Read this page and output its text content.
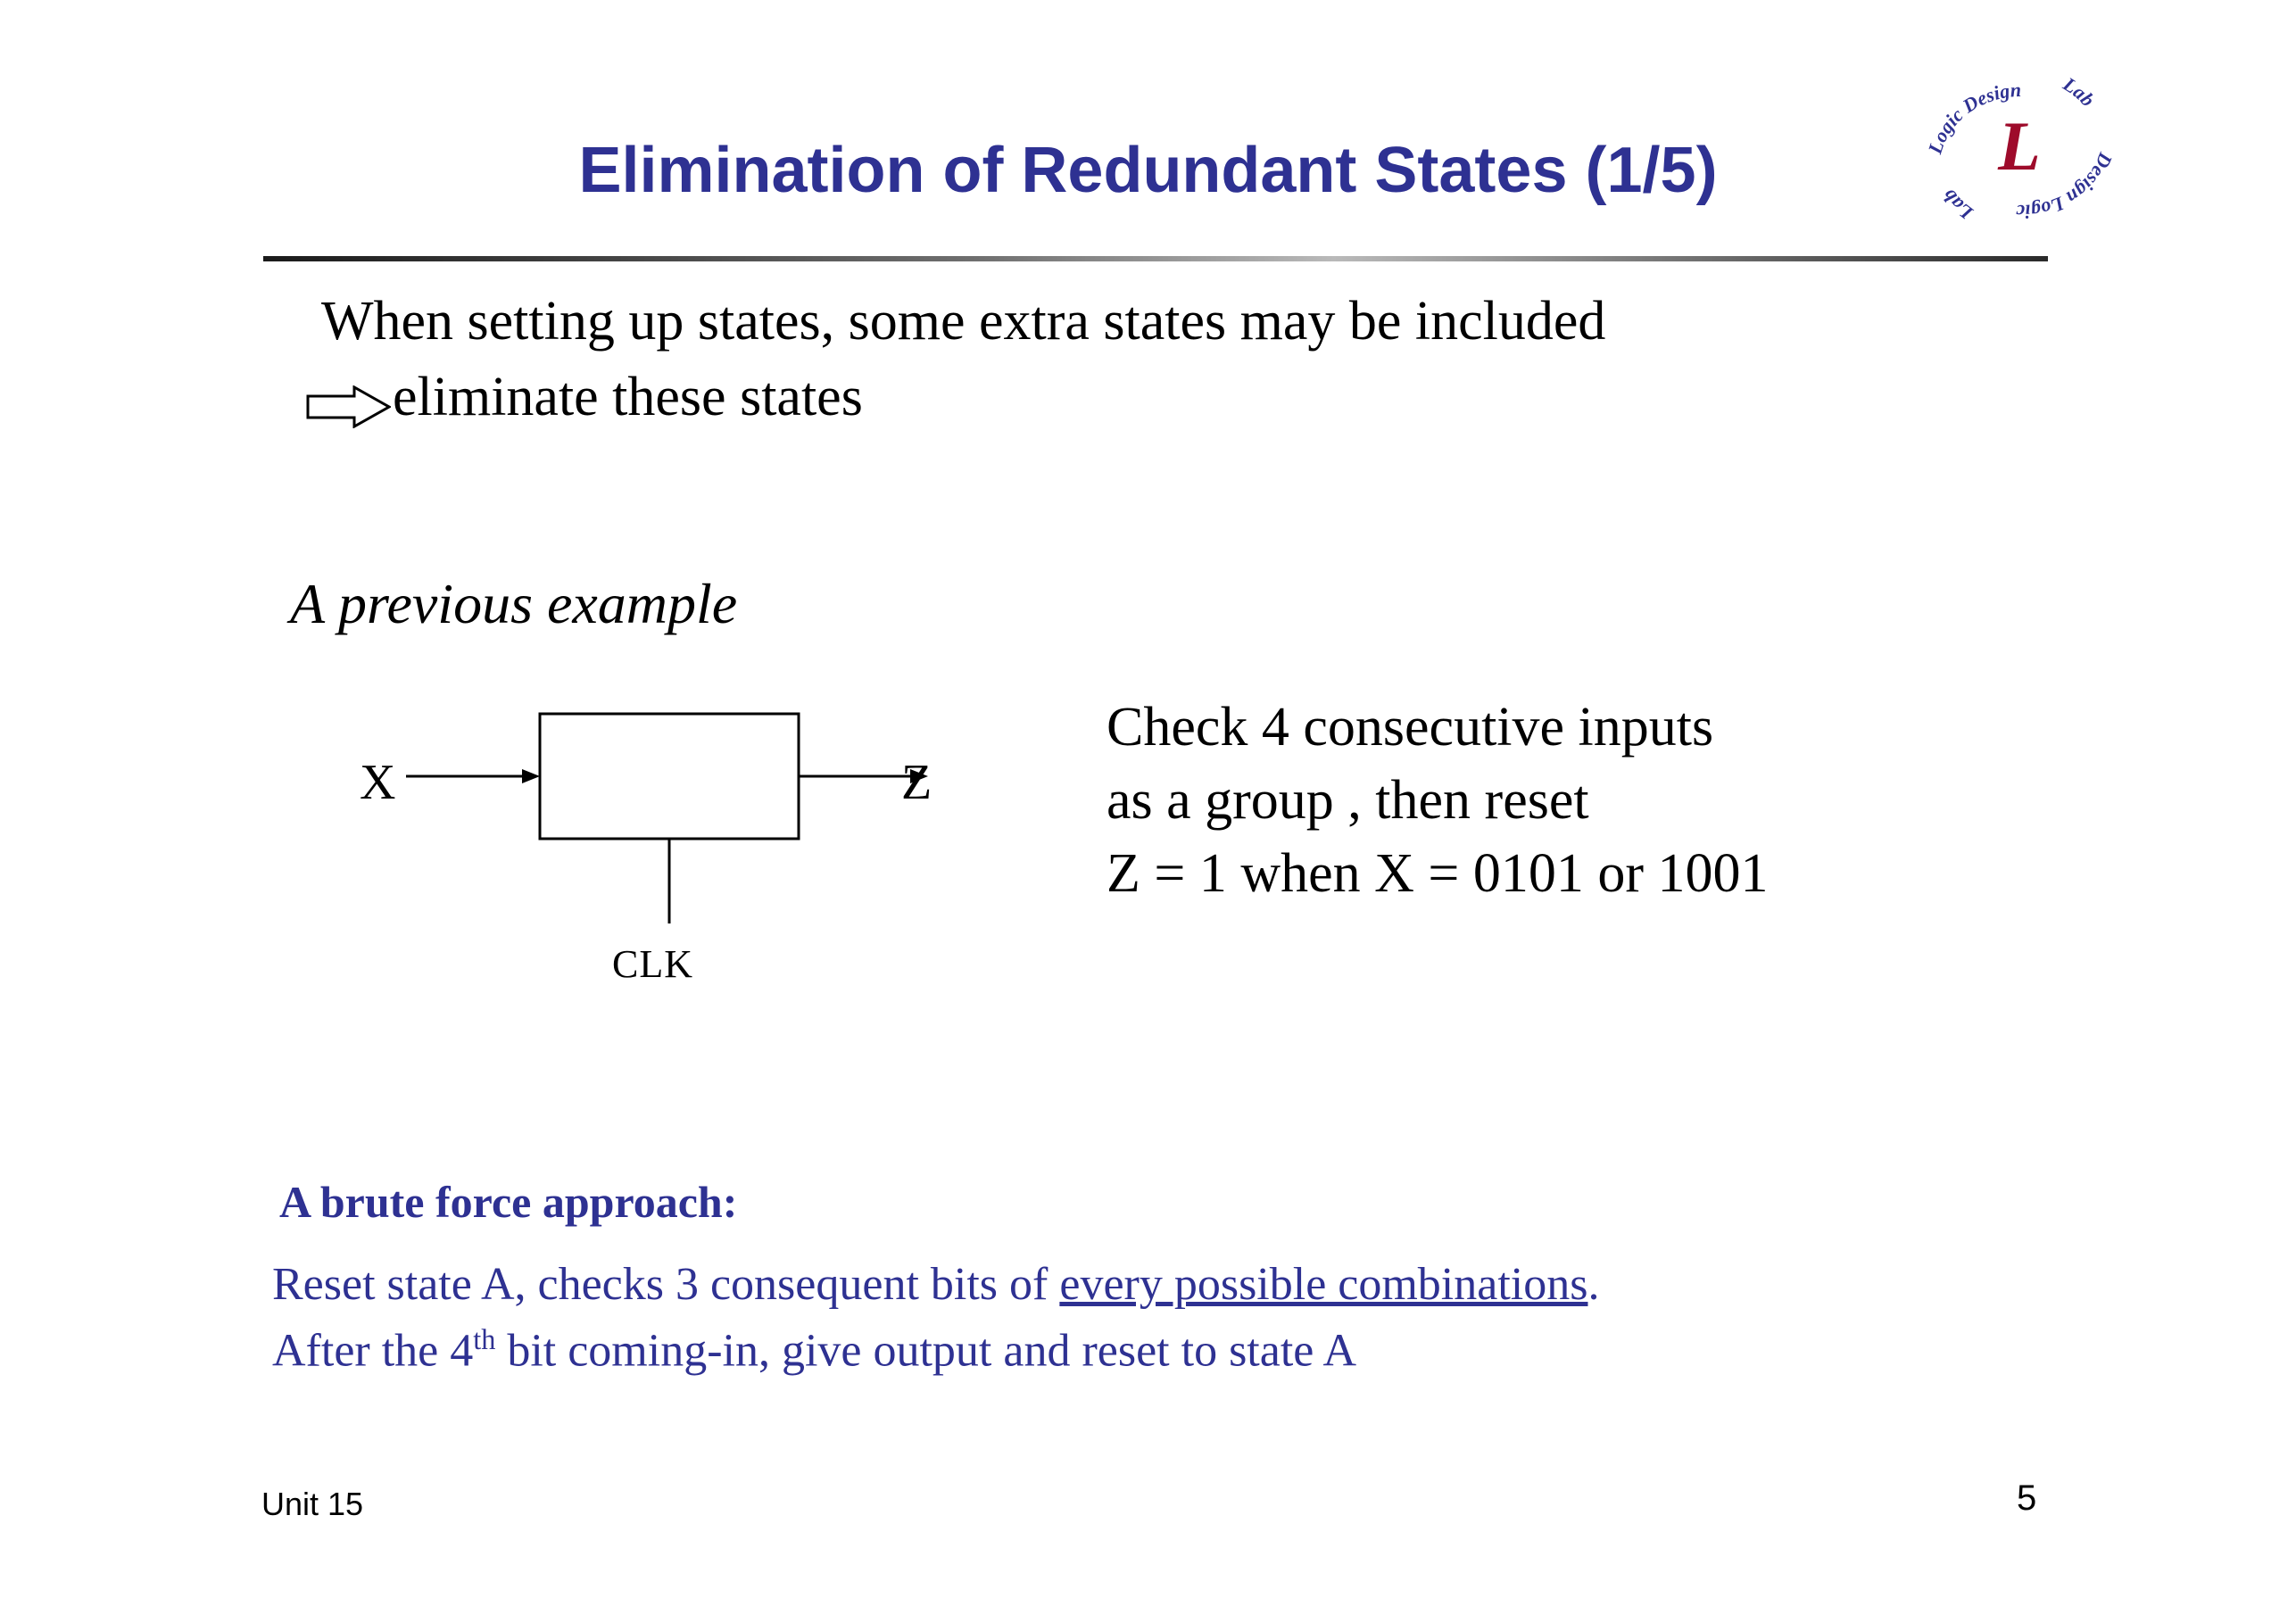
Elimination of Redundant States (1/5)	Logic Design
Design Logic
Lab
Lab
L
When setting up states, some extra states may be included
eliminate these states
A previous example
X	Z
CLK
Check 4 consecutive inputs
as a group , then reset
Z = 1 when X = 0101 or 1001
A brute force approach:
Reset state A, checks 3 consequent bits of every possible combinations.
After the 4th bit coming-in, give output and reset to state A
Unit 15	5
